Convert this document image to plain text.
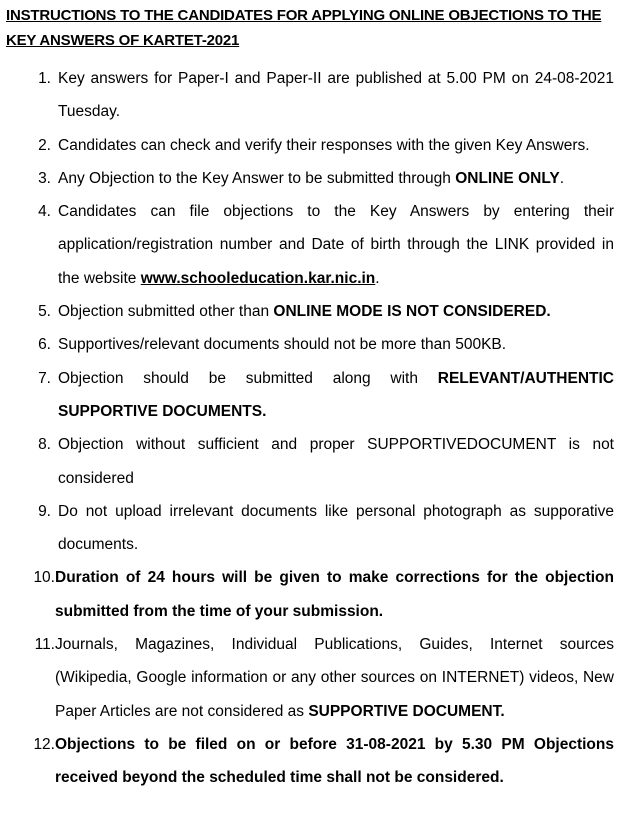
INSTRUCTIONS TO THE CANDIDATES FOR APPLYING ONLINE OBJECTIONS TO THE
KEY ANSWERS OF KARTET-2021
1. Key answers for Paper-I and Paper-II are published at 5.00 PM on 24-08-2021 Tuesday.
2. Candidates can check and verify their responses with the given Key Answers.
3. Any Objection to the Key Answer to be submitted through ONLINE ONLY.
4. Candidates can file objections to the Key Answers by entering their application/registration number and Date of birth through the LINK provided in the website www.schooleducation.kar.nic.in.
5. Objection submitted other than ONLINE MODE IS NOT CONSIDERED.
6. Supportives/relevant documents should not be more than 500KB.
7. Objection should be submitted along with RELEVANT/AUTHENTIC SUPPORTIVE DOCUMENTS.
8. Objection without sufficient and proper SUPPORTIVEDOCUMENT is not considered
9. Do not upload irrelevant documents like personal photograph as supporative documents.
10. Duration of 24 hours will be given to make corrections for the objection submitted from the time of your submission.
11. Journals, Magazines, Individual Publications, Guides, Internet sources (Wikipedia, Google information or any other sources on INTERNET) videos, New Paper Articles are not considered as SUPPORTIVE DOCUMENT.
12. Objections to be filed on or before 31-08-2021 by 5.30 PM Objections received beyond the scheduled time shall not be considered.
